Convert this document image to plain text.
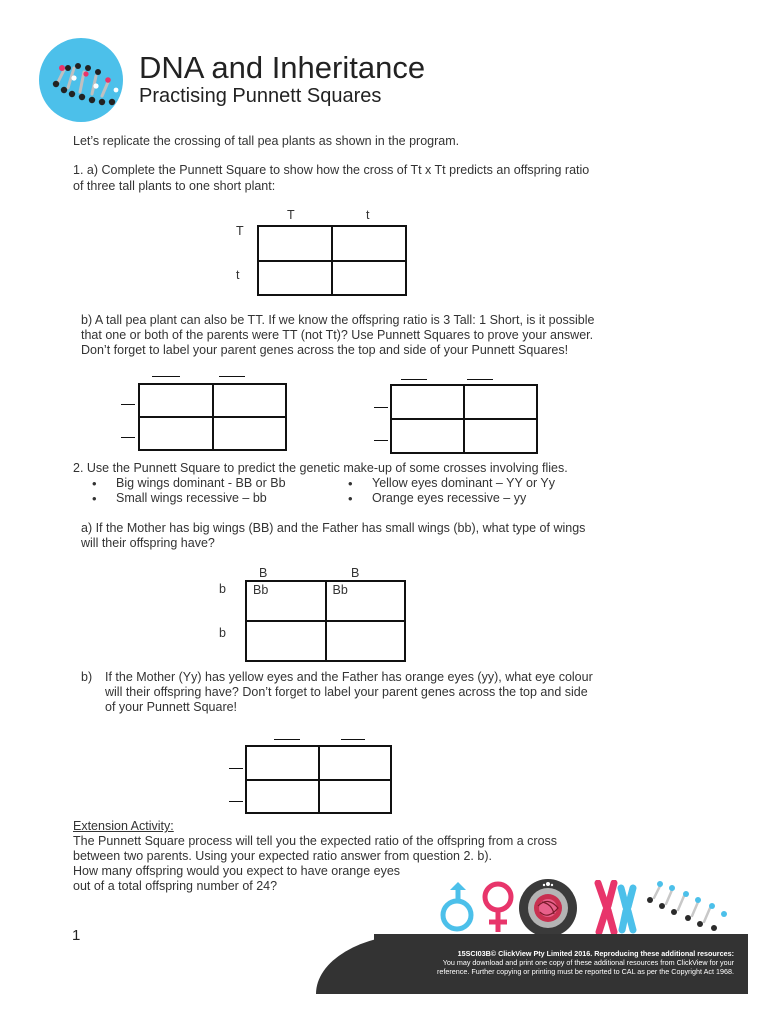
DNA and Inheritance
Practising Punnett Squares
Let’s replicate the crossing of tall pea plants as shown in the program.
1. a) Complete the Punnett Square to show how the cross of Tt x Tt predicts an offspring ratio
of three tall plants to one short plant:
T	t
T
t
b) A tall pea plant can also be TT. If we know the offspring ratio is 3 Tall: 1 Short, is it possible
that one or both of the parents were TT (not Tt)? Use Punnett Squares to prove your answer.
Don’t forget to label your parent genes across the top and side of your Punnett Squares!
2. Use the Punnett Square to predict the genetic make-up of some crosses involving flies.
• Big wings dominant - BB or Bb
• Small wings recessive – bb
• Yellow eyes dominant – YY or Yy
• Orange eyes recessive – yy
a) If the Mother has big wings (BB) and the Father has small wings (bb), what type of wings
will their offspring have?
B	B
b
b
Bb	Bb
b) If the Mother (Yy) has yellow eyes and the Father has orange eyes (yy), what eye colour
will their offspring have? Don’t forget to label your parent genes across the top and side
of your Punnett Square!
Extension Activity:
The Punnett Square process will tell you the expected ratio of the offspring from a cross
between two parents. Using your expected ratio answer from question 2. b).
How many offspring would you expect to have orange eyes
out of a total offspring number of 24?
1
15SCI03B© ClickView Pty Limited 2016. Reproducing these additional resources:
You may download and print one copy of these additional resources from ClickView for your
reference. Further copying or printing must be reported to CAL as per the Copyright Act 1968.
